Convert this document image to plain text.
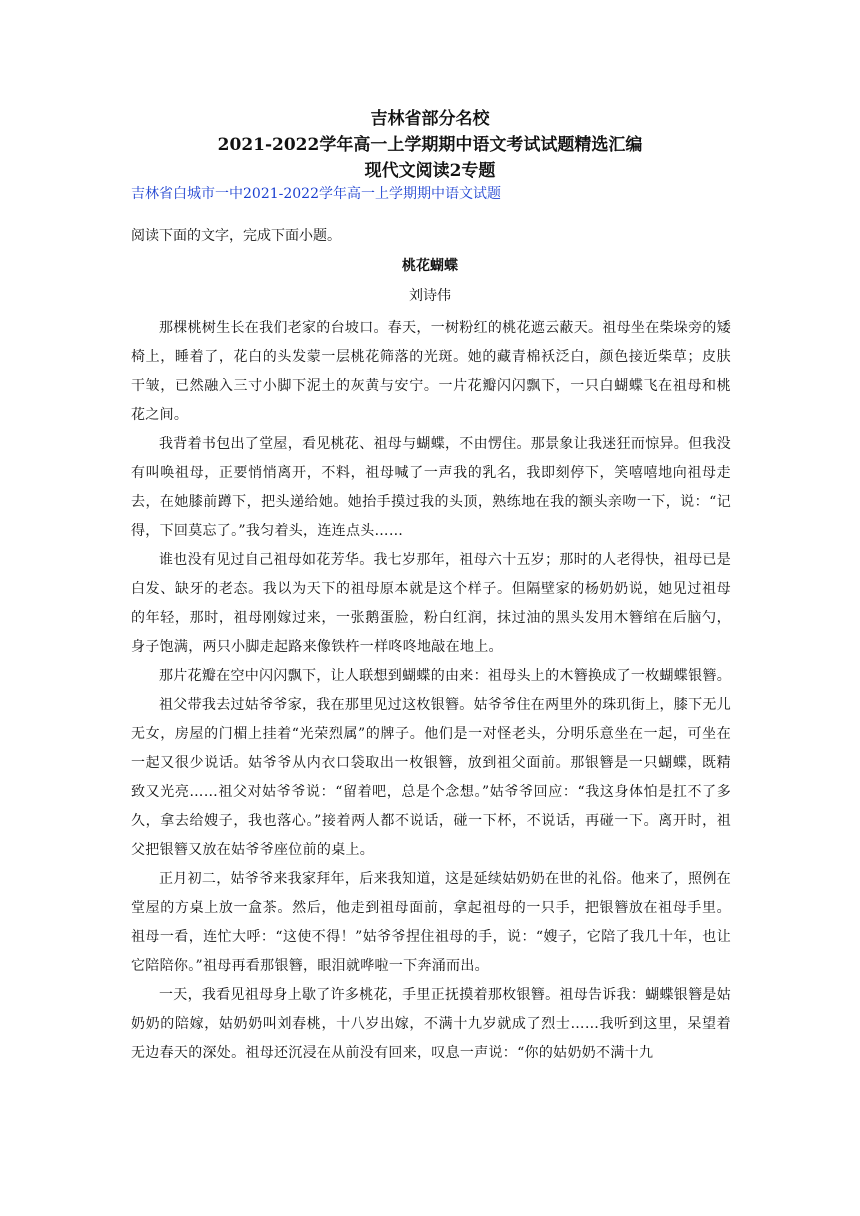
吉林省部分名校
2021-2022学年高一上学期期中语文考试试题精选汇编
现代文阅读2专题
吉林省白城市一中2021-2022学年高一上学期期中语文试题
阅读下面的文字，完成下面小题。
桃花蝴蝶
刘诗伟

那棵桃树生长在我们老家的台坡口。春天，一树粉红的桃花遮云蔽天。祖母坐在柴垛旁的矮椅上，睡着了，花白的头发蒙一层桃花筛落的光斑。她的藏青棉袄泛白，颜色接近柴草；皮肤干皱，已然融入三寸小脚下泥土的灰黄与安宁。一片花瓣闪闪飘下，一只白蝴蝶飞在祖母和桃花之间。

我背着书包出了堂屋，看见桃花、祖母与蝴蝶，不由愣住。那景象让我迷狂而惊异。但我没有叫唤祖母，正要悄悄离开，不料，祖母喊了一声我的乳名，我即刻停下，笑嘻嘻地向祖母走去，在她膝前蹲下，把头递给她。她抬手摸过我的头顶，熟练地在我的额头亲吻一下，说：“记得，下回莫忘了。”我匀着头，连连点头……

谁也没有见过自己祖母如花芳华。我七岁那年，祖母六十五岁；那时的人老得快，祖母已是白发、缺牙的老态。我以为天下的祖母原本就是这个样子。但隔壁家的杨奶奶说，她见过祖母的年轻，那时，祖母刚嫁过来，一张鹅蛋脸，粉白红润，抹过油的黑头发用木簪绾在后脑勺，身子饱满，两只小脚走起路来像铁杵一样咚咚地敲在地上。

那片花瓣在空中闪闪飘下，让人联想到蝴蝶的由来：祖母头上的木簪换成了一枚蝴蝶银簪。

祖父带我去过姑爷爷家，我在那里见过这枚银簪。姑爷爷住在两里外的珠玑街上，膝下无儿无女，房屋的门楣上挂着“光荣烈属”的牌子。他们是一对怪老头，分明乐意坐在一起，可坐在一起又很少说话。姑爷爷从内衣口袋取出一枚银簪，放到祖父面前。那银簪是一只蝴蝶，既精致又光亮……祖父对姑爷爷说：“留着吧，总是个念想。”姑爷爷回应：“我这身体怕是扛不了多久，拿去给嫂子，我也落心。”接着两人都不说话，碰一下杯，不说话，再碰一下。离开时，祖父把银簪又放在姑爷爷座位前的桌上。

正月初二，姑爷爷来我家拜年，后来我知道，这是延续姑奶奶在世的礼俗。他来了，照例在堂屋的方桌上放一盒茶。然后，他走到祖母面前，拿起祖母的一只手，把银簪放在祖母手里。祖母一看，连忙大呼：“这使不得！”姑爷爷捏住祖母的手，说：“嫂子，它陪了我几十年，也让它陪陪你。”祖母再看那银簪，眼泪就哗啦一下奔涌而出。

一天，我看见祖母身上歇了许多桃花，手里正抚摸着那枚银簪。祖母告诉我：蝴蝶银簪是姑奶奶的陪嫁，姑奶奶叫刘春桃，十八岁出嫁，不满十九岁就成了烈士……我听到这里，呆望着无边春天的深处。祖母还沉浸在从前没有回来，叹息一声说：“你的姑奶奶不满十九
